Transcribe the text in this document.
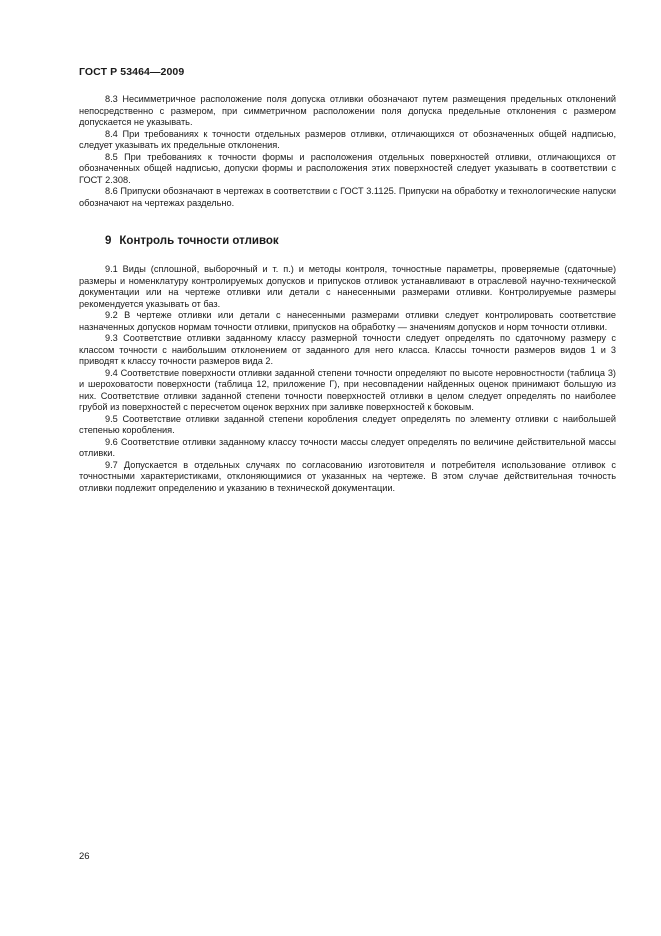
ГОСТ Р 53464—2009

8.3 Несимметричное расположение поля допуска отливки обозначают путем размещения предельных отклонений непосредственно с размером, при симметричном расположении поля допуска предельные отклонения с размером допускается не указывать.

8.4 При требованиях к точности отдельных размеров отливки, отличающихся от обозначенных общей надписью, следует указывать их предельные отклонения.

8.5 При требованиях к точности формы и расположения отдельных поверхностей отливки, отличающихся от обозначенных общей надписью, допуски формы и расположения этих поверхностей следует указывать в соответствии с ГОСТ 2.308.

8.6 Припуски обозначают в чертежах в соответствии с ГОСТ 3.1125. Припуски на обработку и технологические напуски обозначают на чертежах раздельно.

9 Контроль точности отливок

9.1 Виды (сплошной, выборочный и т. п.) и методы контроля, точностные параметры, проверяемые (сдаточные) размеры и номенклатуру контролируемых допусков и припусков отливок устанавливают в отраслевой научно-технической документации или на чертеже отливки или детали с нанесенными размерами отливки. Контролируемые размеры рекомендуется указывать от баз.

9.2 В чертеже отливки или детали с нанесенными размерами отливки следует контролировать соответствие назначенных допусков нормам точности отливки, припусков на обработку — значениям допусков и норм точности отливки.

9.3 Соответствие отливки заданному классу размерной точности следует определять по сдаточному размеру с классом точности с наибольшим отклонением от заданного для него класса. Классы точности размеров видов 1 и 3 приводят к классу точности размеров вида 2.

9.4 Соответствие поверхности отливки заданной степени точности определяют по высоте неровностности (таблица 3) и шероховатости поверхности (таблица 12, приложение Г), при несовпадении найденных оценок принимают большую из них. Соответствие отливки заданной степени точности поверхностей отливки в целом следует определять по наиболее грубой из поверхностей с пересчетом оценок верхних при заливке поверхностей к боковым.

9.5 Соответствие отливки заданной степени коробления следует определять по элементу отливки с наибольшей степенью коробления.

9.6 Соответствие отливки заданному классу точности массы следует определять по величине действительной массы отливки.

9.7 Допускается в отдельных случаях по согласованию изготовителя и потребителя использование отливок с точностными характеристиками, отклоняющимися от указанных на чертеже. В этом случае действительная точность отливки подлежит определению и указанию в технической документации.

26
